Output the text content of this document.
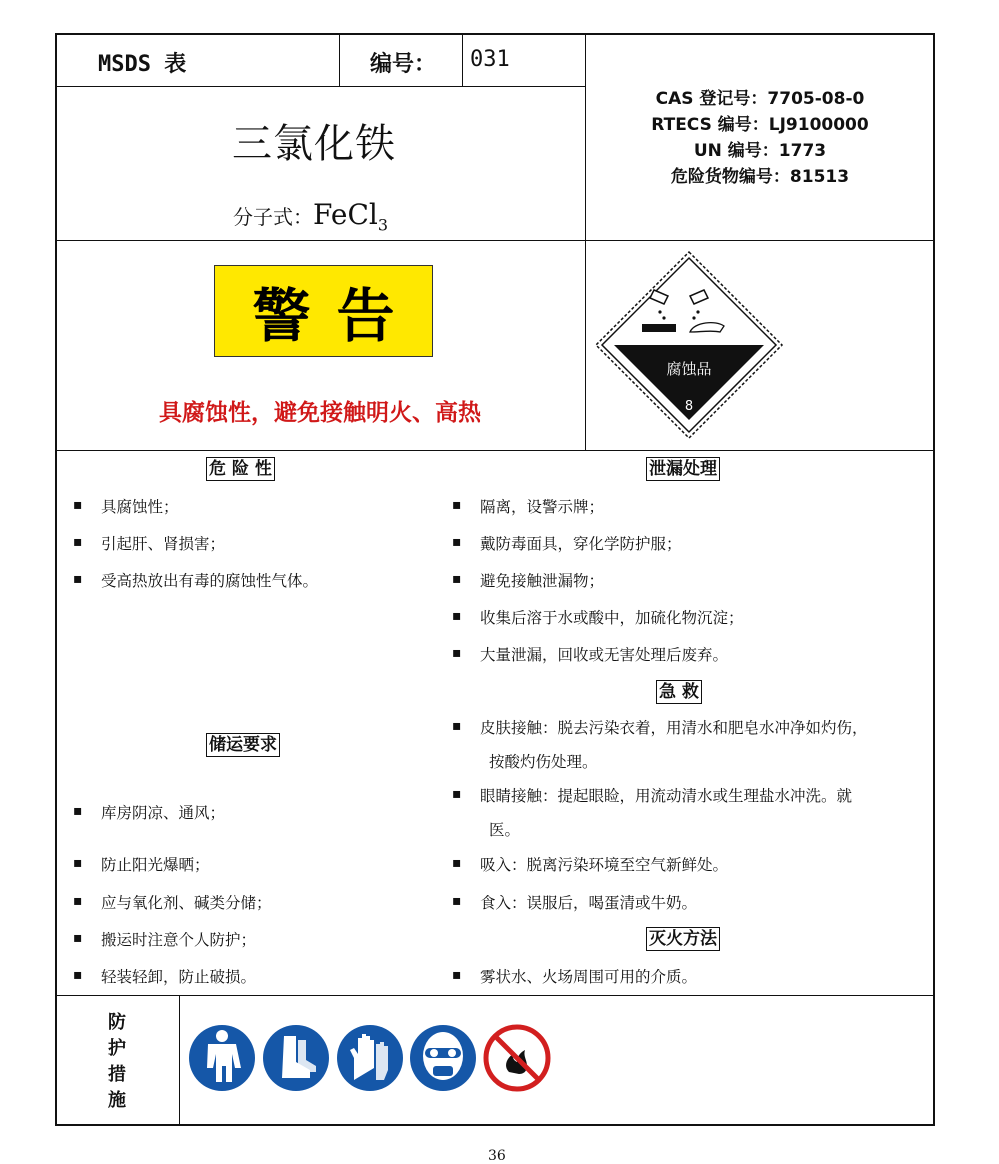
MSDS 表	编号： 031
三氯化铁
分子式：FeCl$_3$
CAS 登记号：7705-08-0
RTECS 编号：LJ9100000
UN 编号：1773
危险货物编号：81513
警告
具腐蚀性，避免接触明火、高热
腐蚀品
8
危 险 性	泄漏处理
储运要求
急 救
灭火方法
▪ 具腐蚀性；
▪ 引起肝、肾损害；
▪ 受高热放出有毒的腐蚀性气体。
▪ 库房阴凉、通风；
▪ 防止阳光爆晒；
▪ 应与氧化剂、碱类分储；
▪ 搬运时注意个人防护；
▪ 轻装轻卸，防止破损。
▪ 隔离，设警示牌；
▪ 戴防毒面具，穿化学防护服；
▪ 避免接触泄漏物；
▪ 收集后溶于水或酸中，加硫化物沉淀；
▪ 大量泄漏，回收或无害处理后废弃。
▪ 皮肤接触：脱去污染衣着，用清水和肥皂水冲净如灼伤，
按酸灼伤处理。
▪ 眼睛接触：提起眼睑，用流动清水或生理盐水冲洗。就
医。
▪ 吸入：脱离污染环境至空气新鲜处。
▪ 食入：误服后，喝蛋清或牛奶。
▪ 雾状水、火场周围可用的介质。
防
护
措
施
36
